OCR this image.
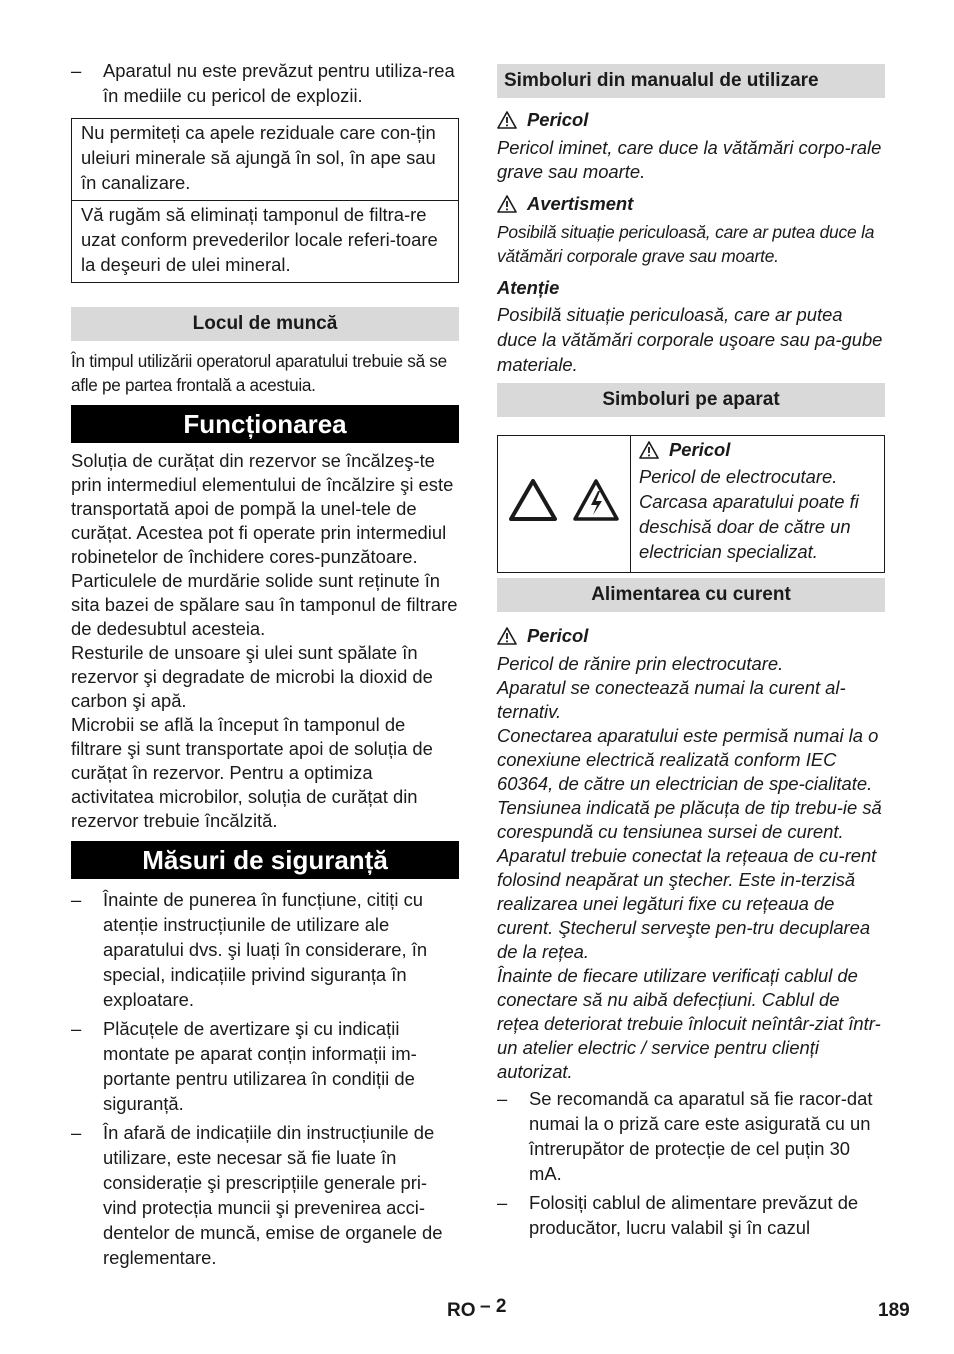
– Aparatul nu este prevăzut pentru utiliza-rea în mediile cu pericol de explozii.
Nu permiteți ca apele reziduale care con-țin uleiuri minerale să ajungă în sol, în ape sau în canalizare.
Vă rugăm să eliminați tamponul de filtra-re uzat conform prevederilor locale referi-toare la deşeuri de ulei mineral.
Locul de muncă

În timpul utilizării operatorul aparatului trebuie să se afle pe partea frontală a acestuia.

Funcționarea

Soluția de curățat din rezervor se încălzeş-te prin intermediul elementului de încălzire şi este transportată apoi de pompă la unel-tele de curățat. Acestea pot fi operate prin intermediul robinetelor de închidere cores-punzătoare.

Particulele de murdărie solide sunt reținute în sita bazei de spălare sau în tamponul de filtrare de dedesubtul acesteia.

Resturile de unsoare şi ulei sunt spălate în rezervor şi degradate de microbi la dioxid de carbon şi apă.

Microbii se află la început în tamponul de filtrare şi sunt transportate apoi de soluția de curățat în rezervor. Pentru a optimiza activitatea microbilor, soluția de curățat din rezervor trebuie încălzită.

Măsuri de siguranță
– Înainte de punerea în funcțiune, citiți cu atenție instrucțiunile de utilizare ale aparatului dvs. şi luați în considerare, în special, indicațiile privind siguranța în exploatare.
– Plăcuțele de avertizare şi cu indicații montate pe aparat conțin informații im-portante pentru utilizarea în condiții de siguranță.
– În afară de indicațiile din instrucțiunile de utilizare, este necesar să fie luate în considerație şi prescripțiile generale pri-vind protecția muncii şi prevenirea acci-dentelor de muncă, emise de organele de reglementare.
Simboluri din manualul de utilizare
Pericol

Pericol iminet, care duce la vătămări corpo-rale grave sau moarte.

Avertisment

Posibilă situație periculoasă, care ar putea duce la vătămări corporale grave sau moarte.

Atenție

Posibilă situație periculoasă, care ar putea duce la vătămări corporale uşoare sau pa-gube materiale.

Simboluri pe aparat
Pericol

Pericol de electrocutare. Carcasa aparatului poate fi deschisă doar de către un electrician specializat.

Alimentarea cu curent
Pericol

Pericol de rănire prin electrocutare.

Aparatul se conectează numai la curent al-ternativ.

Conectarea aparatului este permisă numai la o conexiune electrică realizată conform IEC 60364, de către un electrician de spe-cialitate.

Tensiunea indicată pe plăcuța de tip trebu-ie să corespundă cu tensiunea sursei de curent.

Aparatul trebuie conectat la rețeaua de cu-rent folosind neapărat un ştecher. Este in-terzisă realizarea unei legături fixe cu rețeaua de curent. Ştecherul serveşte pen-tru decuplarea de la rețea.

Înainte de fiecare utilizare verificați cablul de conectare să nu aibă defecțiuni. Cablul de rețea deteriorat trebuie înlocuit neîntâr-ziat într-un atelier electric / service pentru clienți autorizat.

– Se recomandă ca aparatul să fie racor-dat numai la o priză care este asigurată cu un întrerupător de protecție de cel puțin 30 mA.
– Folosiți cablul de alimentare prevăzut de producător, lucru valabil şi în cazul
RO – 2	189
